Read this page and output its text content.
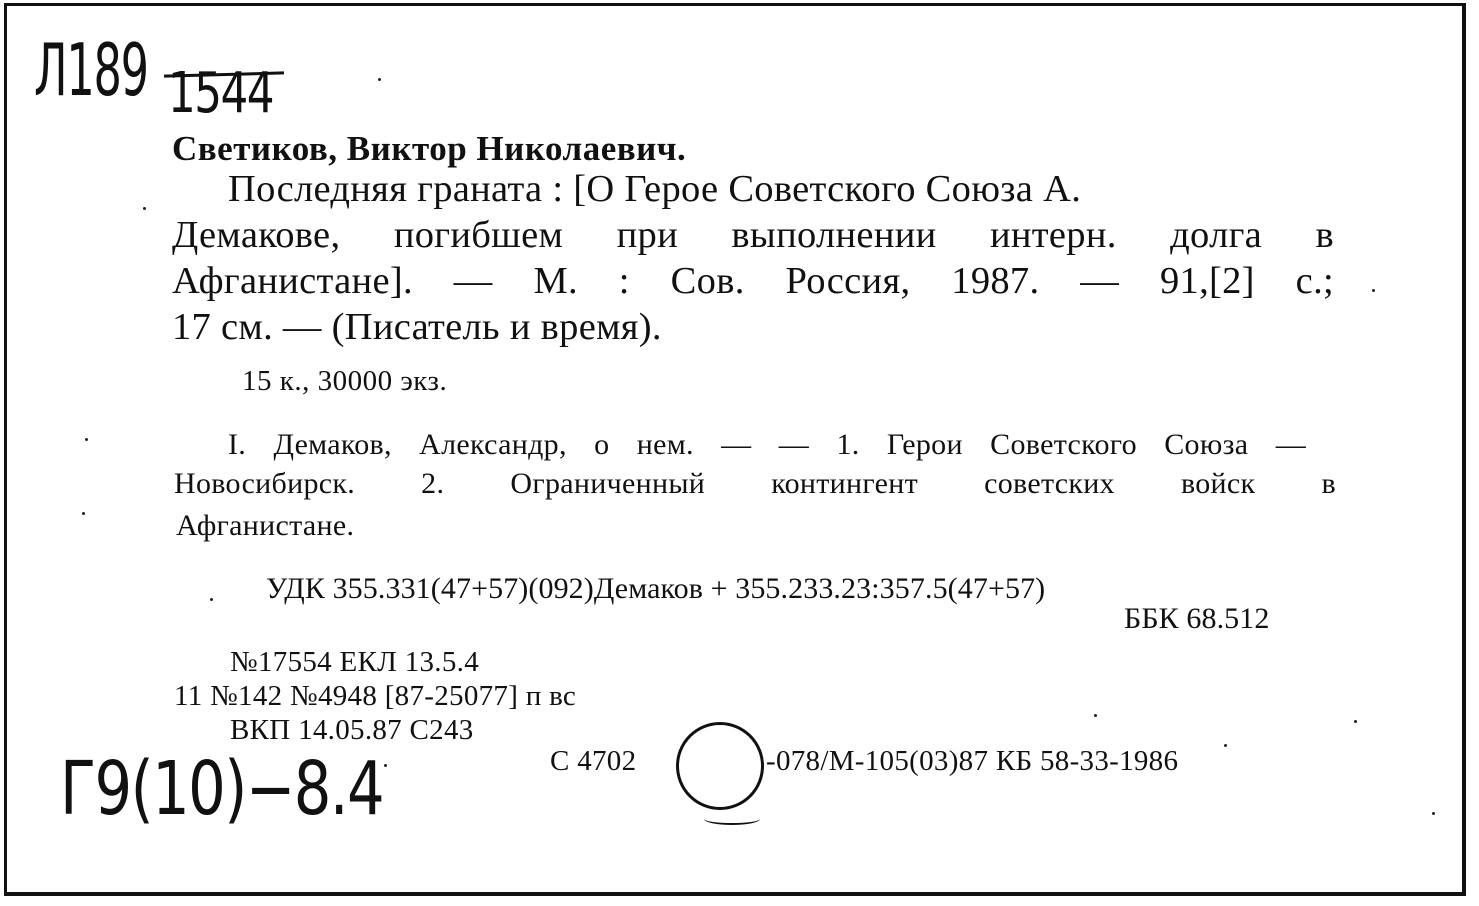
Л189 1544
Светиков, Виктор Николаевич.
Последняя граната : [О Герое Советского Союза А.
Демакове, погибшем при выполнении интерн. долга в
Афганистане]. — М. : Сов. Россия, 1987. — 91,[2] с.;
17 см. — (Писатель и время).
15 к., 30000 экз.
I. Демаков, Александр, о нем. — — 1. Герои Советского Союза —
Новосибирск. 2. Ограниченный контингент советских войск в
Афганистане.
УДК 355.331(47+57)(092)Демаков + 355.233.23:357.5(47+57)
ББК 68.512
№17554 ЕКЛ 13.5.4
11 №142 №4948 [87-25077] п вс
ВКП 14.05.87 С243
С 4702	-078/М-105(03)87 КБ 58-33-1986
Г9(10)−8.4
